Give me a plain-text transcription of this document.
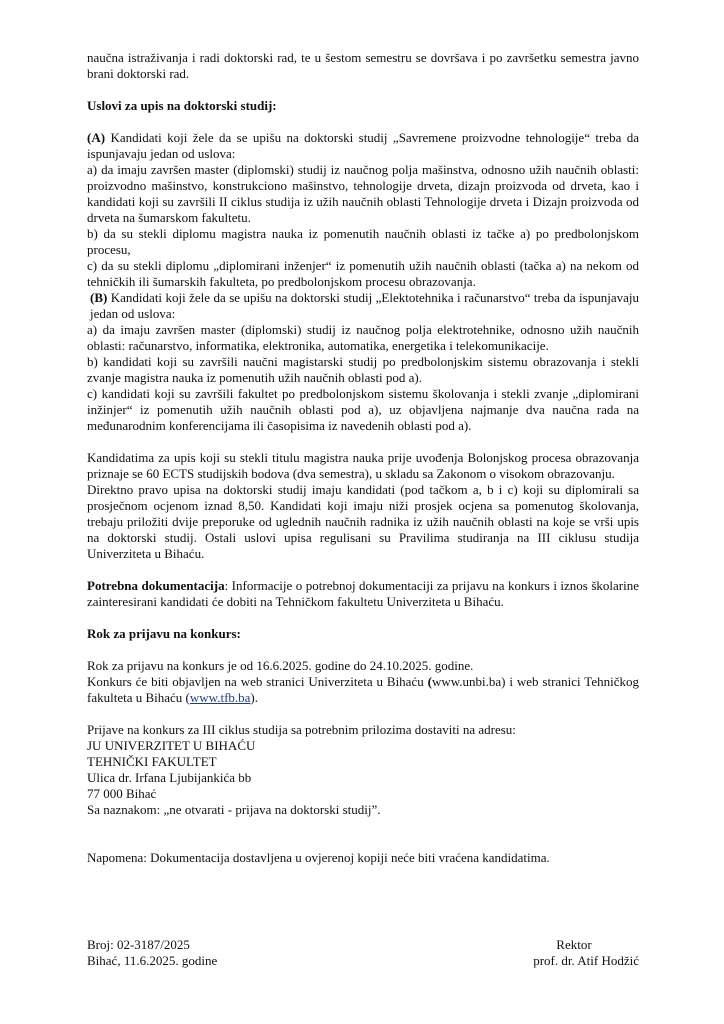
naučna istraživanja i radi doktorski rad, te u šestom semestru se dovršava i po završetku semestra javno brani doktorski rad.

Uslovi za upis na doktorski studij:

(A) Kandidati koji žele da se upišu na doktorski studij „Savremene proizvodne tehnologije“ treba da ispunjavaju jedan od uslova:

a) da imaju završen master (diplomski) studij iz naučnog polja mašinstva, odnosno užih naučnih oblasti: proizvodno mašinstvo, konstrukciono mašinstvo, tehnologije drveta, dizajn proizvoda od drveta, kao i kandidati koji su završili II ciklus studija iz užih naučnih oblasti Tehnologije drveta i Dizajn proizvoda od drveta na šumarskom fakultetu.

b) da su stekli diplomu magistra nauka iz pomenutih naučnih oblasti iz tačke a) po predbolonjskom procesu,

c) da su stekli diplomu „diplomirani inženjer“ iz pomenutih užih naučnih oblasti (tačka a) na nekom od tehničkih ili šumarskih fakulteta, po predbolonjskom procesu obrazovanja.

(B) Kandidati koji žele da se upišu na doktorski studij „Elektotehnika i računarstvo“ treba da ispunjavaju jedan od uslova:

a) da imaju završen master (diplomski) studij iz naučnog polja elektrotehnike, odnosno užih naučnih oblasti: računarstvo, informatika, elektronika, automatika, energetika i telekomunikacije.

b) kandidati koji su završili naučni magistarski studij po predbolonjskim sistemu obrazovanja i stekli zvanje magistra nauka iz pomenutih užih naučnih oblasti pod a).

c) kandidati koji su završili fakultet po predbolonjskom sistemu školovanja i stekli zvanje „diplomirani inžinjer“ iz pomenutih užih naučnih oblasti pod a), uz objavljena najmanje dva naučna rada na međunarodnim konferencijama ili časopisima iz navedenih oblasti pod a).

Kandidatima za upis koji su stekli titulu magistra nauka prije uvođenja Bolonjskog procesa obrazovanja priznaje se 60 ECTS studijskih bodova (dva semestra), u skladu sa Zakonom o visokom obrazovanju.

Direktno pravo upisa na doktorski studij imaju kandidati (pod tačkom a, b i c) koji su diplomirali sa prosječnom ocjenom iznad 8,50. Kandidati koji imaju niži prosjek ocjena sa pomenutog školovanja, trebaju priložiti dvije preporuke od uglednih naučnih radnika iz užih naučnih oblasti na koje se vrši upis na doktorski studij. Ostali uslovi upisa regulisani su Pravilima studiranja na III ciklusu studija Univerziteta u Bihaću.

Potrebna dokumentacija: Informacije o potrebnoj dokumentaciji za prijavu na konkurs i iznos školarine zainteresirani kandidati će dobiti na Tehničkom fakultetu Univerziteta u Bihaću.

Rok za prijavu na konkurs:

Rok za prijavu na konkurs je od 16.6.2025. godine do 24.10.2025. godine.

Konkurs će biti objavljen na web stranici Univerziteta u Bihaću (www.unbi.ba) i web stranici Tehničkog fakulteta u Bihaću (www.tfb.ba).

Prijave na konkurs za III ciklus studija sa potrebnim prilozima dostaviti na adresu:

JU UNIVERZITET U BIHAĆU

TEHNIČKI FAKULTET

Ulica dr. Irfana Ljubijankića bb

77 000 Bihać

Sa naznakom: „ne otvarati - prijava na doktorski studij”.

Napomena: Dokumentacija dostavljena u ovjerenoj kopiji neće biti vraćena kandidatima.

Broj: 02-3187/2025

Bihać, 11.6.2025. godine

Rektor

prof. dr. Atif Hodžić
